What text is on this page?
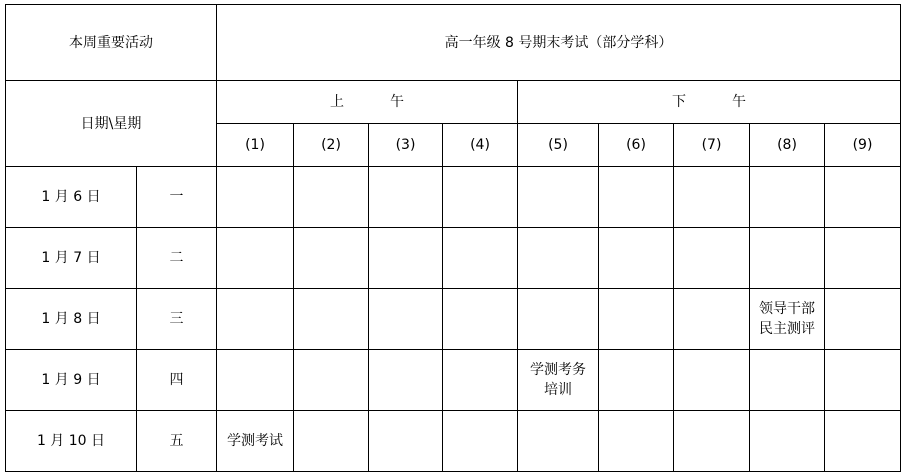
本周重要活动		高一年级 8 号期末考试（部分学科）								
日期\星期		上 午				下 午				
		(1)	(2)	(3)	(4)	(5)	(6)	(7)	(8)	(9)
1 月 6 日	一									
1 月 7 日	二									
1 月 8 日	三								领导干部民主测评	
1 月 9 日	四					学测考务培训				
1 月 10 日	五	学测考试								
